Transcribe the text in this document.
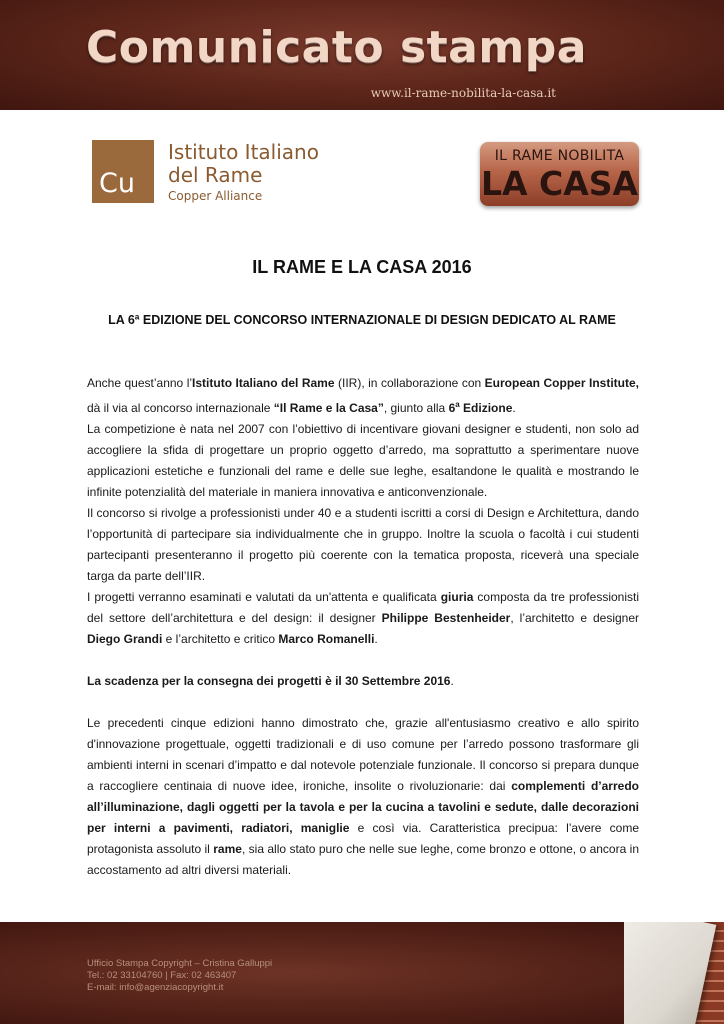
Comunicato stampa
www.il-rame-nobilita-la-casa.it
Cu
Istituto Italiano
del Rame
Copper Alliance
IL RAME NOBILITA
LA CASA
IL RAME E LA CASA 2016
LA 6ª EDIZIONE DEL CONCORSO INTERNAZIONALE DI DESIGN DEDICATO AL RAME

Anche quest’anno l’Istituto Italiano del Rame (IIR), in collaborazione con European Copper Institute, dà il via al concorso internazionale “Il Rame e la Casa”, giunto alla 6$^a$ Edizione.

La competizione è nata nel 2007 con l’obiettivo di incentivare giovani designer e studenti, non solo ad accogliere la sfida di progettare un proprio oggetto d’arredo, ma soprattutto a sperimentare nuove applicazioni estetiche e funzionali del rame e delle sue leghe, esaltandone le qualità e mostrando le infinite potenzialità del materiale in maniera innovativa e anticonvenzionale.

Il concorso si rivolge a professionisti under 40 e a studenti iscritti a corsi di Design e Architettura, dando l’opportunità di partecipare sia individualmente che in gruppo. Inoltre la scuola o facoltà i cui studenti partecipanti presenteranno il progetto più coerente con la tematica proposta, riceverà una speciale targa da parte dell’IIR.

I progetti verranno esaminati e valutati da un'attenta e qualificata giuria composta da tre professionisti del settore dell’architettura e del design: il designer Philippe Bestenheider, l’architetto e designer Diego Grandi e l’architetto e critico Marco Romanelli.

La scadenza per la consegna dei progetti è il 30 Settembre 2016.

Le precedenti cinque edizioni hanno dimostrato che, grazie all'entusiasmo creativo e allo spirito d'innovazione progettuale, oggetti tradizionali e di uso comune per l’arredo possono trasformare gli ambienti interni in scenari d’impatto e dal notevole potenziale funzionale. Il concorso si prepara dunque a raccogliere centinaia di nuove idee, ironiche, insolite o rivoluzionarie: dai complementi d’arredo all’illuminazione, dagli oggetti per la tavola e per la cucina a tavolini e sedute, dalle decorazioni per interni a pavimenti, radiatori, maniglie e così via. Caratteristica precipua: l’avere come protagonista assoluto il rame, sia allo stato puro che nelle sue leghe, come bronzo e ottone, o ancora in accostamento ad altri diversi materiali.

Ufficio Stampa Copyright – Cristina Galluppi
Tel.: 02 33104760 | Fax: 02 463407
E-mail: info@agenziacopyright.it
